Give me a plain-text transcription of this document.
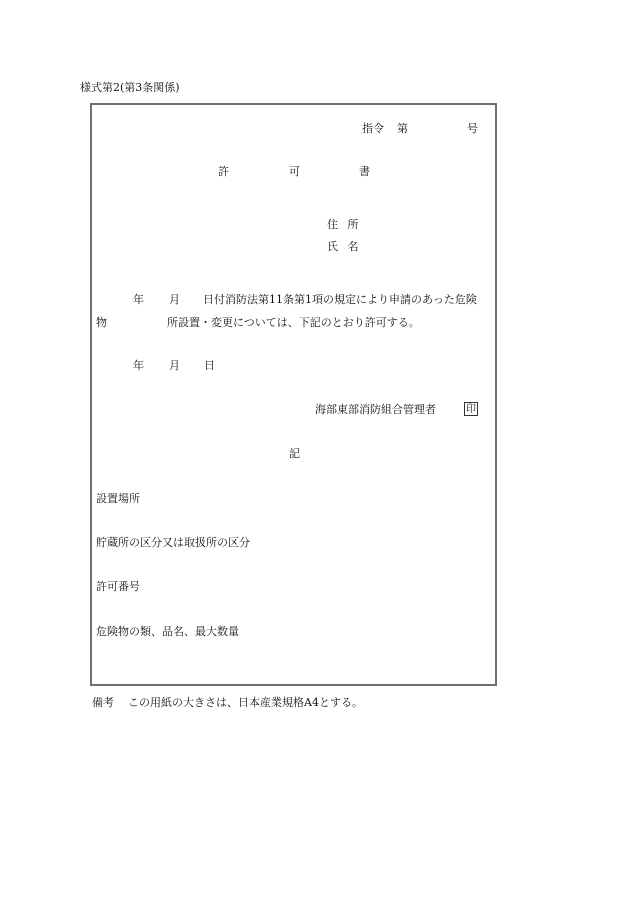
様式第2(第3条関係)
指令 第	号
許	可	書
住 所
氏 名
年 月 日付消防法第11条第1項の規定により申請のあった危険
物	所設置・変更については、下記のとおり許可する。
年 月 日
海部東部消防組合管理者	印
記
設置場所
貯蔵所の区分又は取扱所の区分
許可番号
危険物の類、品名、最大数量
備考 この用紙の大きさは、日本産業規格A4とする。
